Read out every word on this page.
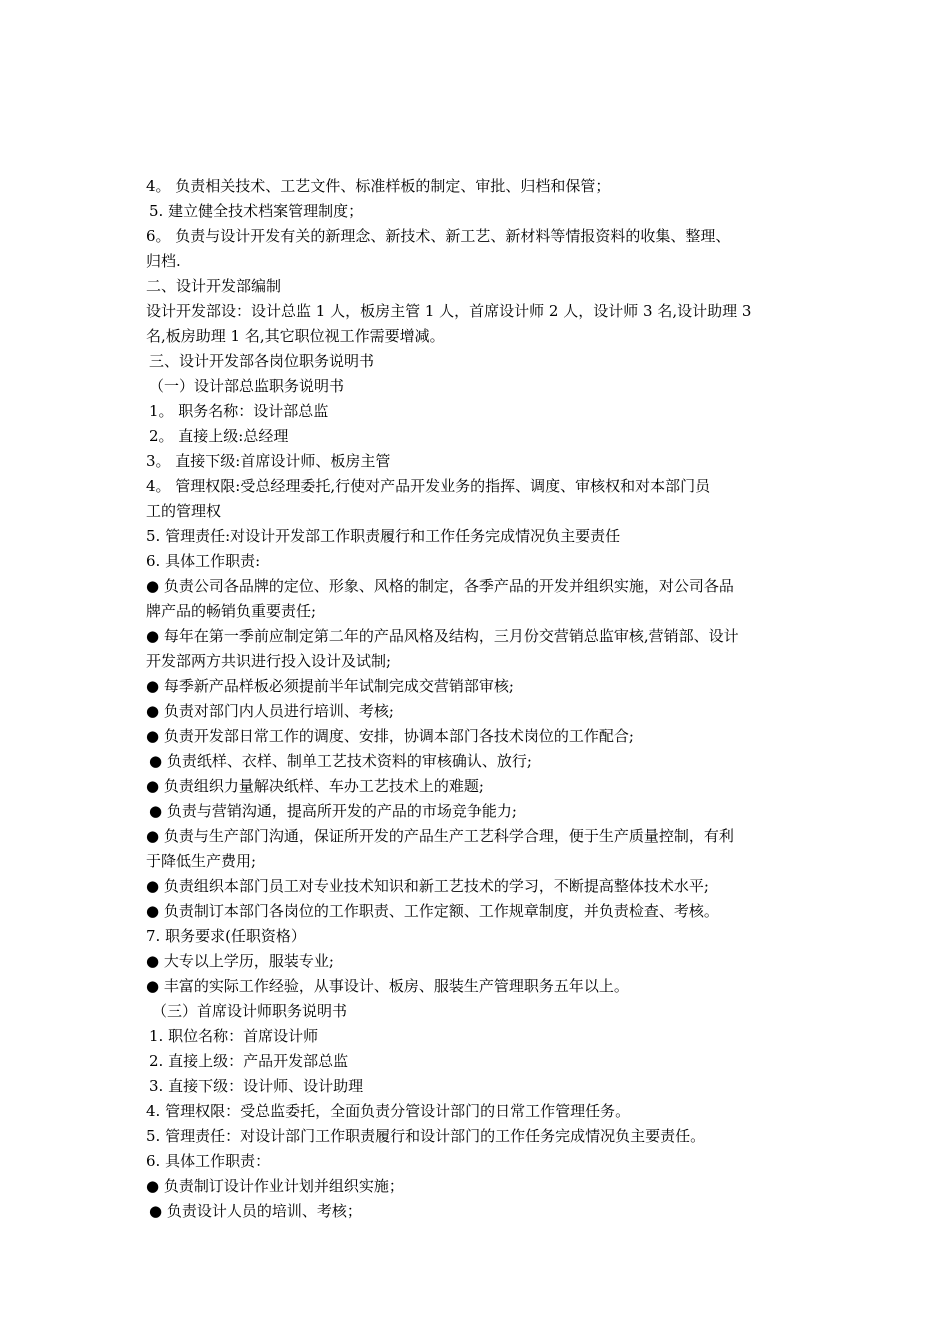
4。 负责相关技术、工艺文件、标准样板的制定、审批、归档和保管；
5. 建立健全技术档案管理制度；
6。 负责与设计开发有关的新理念、新技术、新工艺、新材料等情报资料的收集、整理、
归档.
二、设计开发部编制
设计开发部设：设计总监 1 人，板房主管 1 人，首席设计师 2 人，设计师 3 名,设计助理 3
名,板房助理 1 名,其它职位视工作需要增减。
三、设计开发部各岗位职务说明书
（一）设计部总监职务说明书
1。 职务名称：设计部总监
2。 直接上级:总经理
3。 直接下级:首席设计师、板房主管
4。 管理权限:受总经理委托,行使对产品开发业务的指挥、调度、审核权和对本部门员
工的管理权
5. 管理责任:对设计开发部工作职责履行和工作任务完成情况负主要责任
6. 具体工作职责:
● 负责公司各品牌的定位、形象、风格的制定，各季产品的开发并组织实施，对公司各品
牌产品的畅销负重要责任;
● 每年在第一季前应制定第二年的产品风格及结构，三月份交营销总监审核,营销部、设计
开发部两方共识进行投入设计及试制;
● 每季新产品样板必须提前半年试制完成交营销部审核;
● 负责对部门内人员进行培训、考核;
● 负责开发部日常工作的调度、安排，协调本部门各技术岗位的工作配合;
● 负责纸样、衣样、制单工艺技术资料的审核确认、放行;
● 负责组织力量解决纸样、车办工艺技术上的难题;
● 负责与营销沟通，提高所开发的产品的市场竞争能力;
● 负责与生产部门沟通，保证所开发的产品生产工艺科学合理，便于生产质量控制，有利
于降低生产费用;
● 负责组织本部门员工对专业技术知识和新工艺技术的学习，不断提高整体技术水平;
● 负责制订本部门各岗位的工作职责、工作定额、工作规章制度，并负责检查、考核。
7. 职务要求(任职资格）
● 大专以上学历，服装专业;
● 丰富的实际工作经验，从事设计、板房、服装生产管理职务五年以上。
（三）首席设计师职务说明书
1. 职位名称：首席设计师
2. 直接上级：产品开发部总监
3. 直接下级：设计师、设计助理
4. 管理权限：受总监委托，全面负责分管设计部门的日常工作管理任务。
5. 管理责任：对设计部门工作职责履行和设计部门的工作任务完成情况负主要责任。
6. 具体工作职责：
● 负责制订设计作业计划并组织实施；
● 负责设计人员的培训、考核；
